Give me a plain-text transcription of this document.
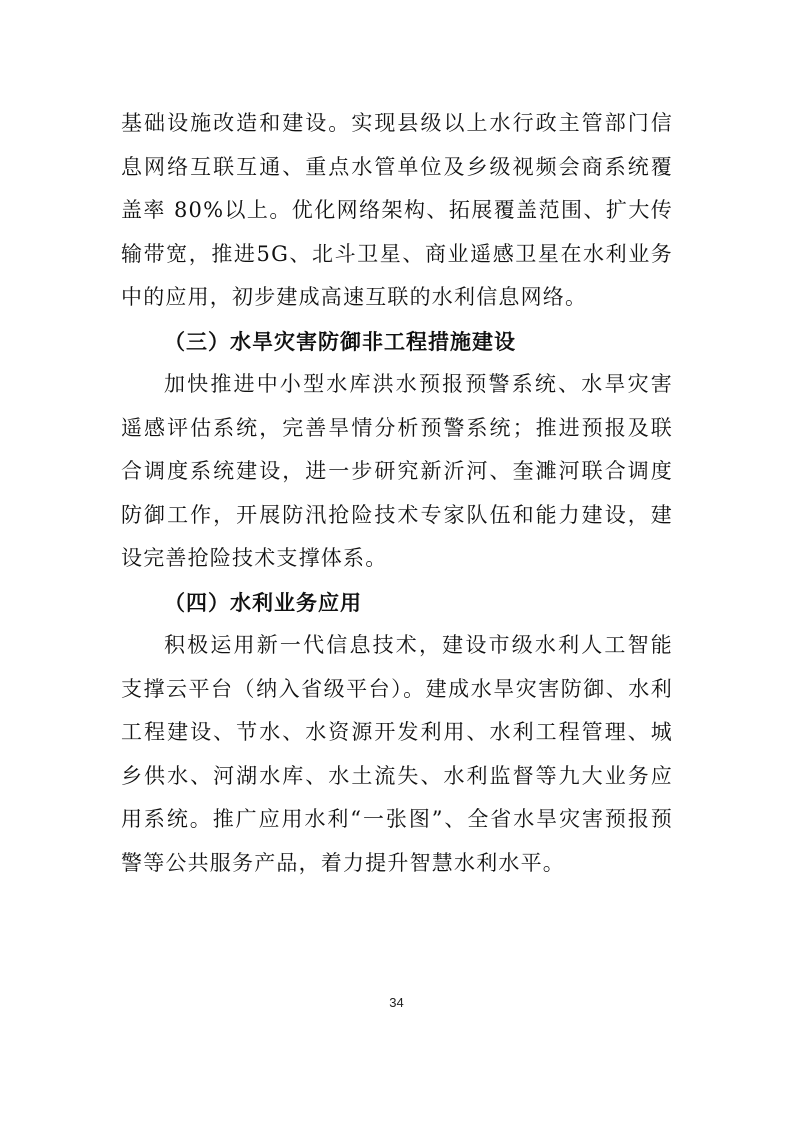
基础设施改造和建设。实现县级以上水行政主管部门信息网络互联互通、重点水管单位及乡级视频会商系统覆盖率 80%以上。优化网络架构、拓展覆盖范围、扩大传输带宽，推进5G、北斗卫星、商业遥感卫星在水利业务中的应用，初步建成高速互联的水利信息网络。

（三）水旱灾害防御非工程措施建设

加快推进中小型水库洪水预报预警系统、水旱灾害遥感评估系统，完善旱情分析预警系统；推进预报及联合调度系统建设，进一步研究新沂河、奎濉河联合调度防御工作，开展防汛抢险技术专家队伍和能力建设，建设完善抢险技术支撑体系。

（四）水利业务应用

积极运用新一代信息技术，建设市级水利人工智能支撑云平台（纳入省级平台）。建成水旱灾害防御、水利工程建设、节水、水资源开发利用、水利工程管理、城乡供水、河湖水库、水土流失、水利监督等九大业务应用系统。推广应用水利“一张图”、全省水旱灾害预报预警等公共服务产品，着力提升智慧水利水平。

34
